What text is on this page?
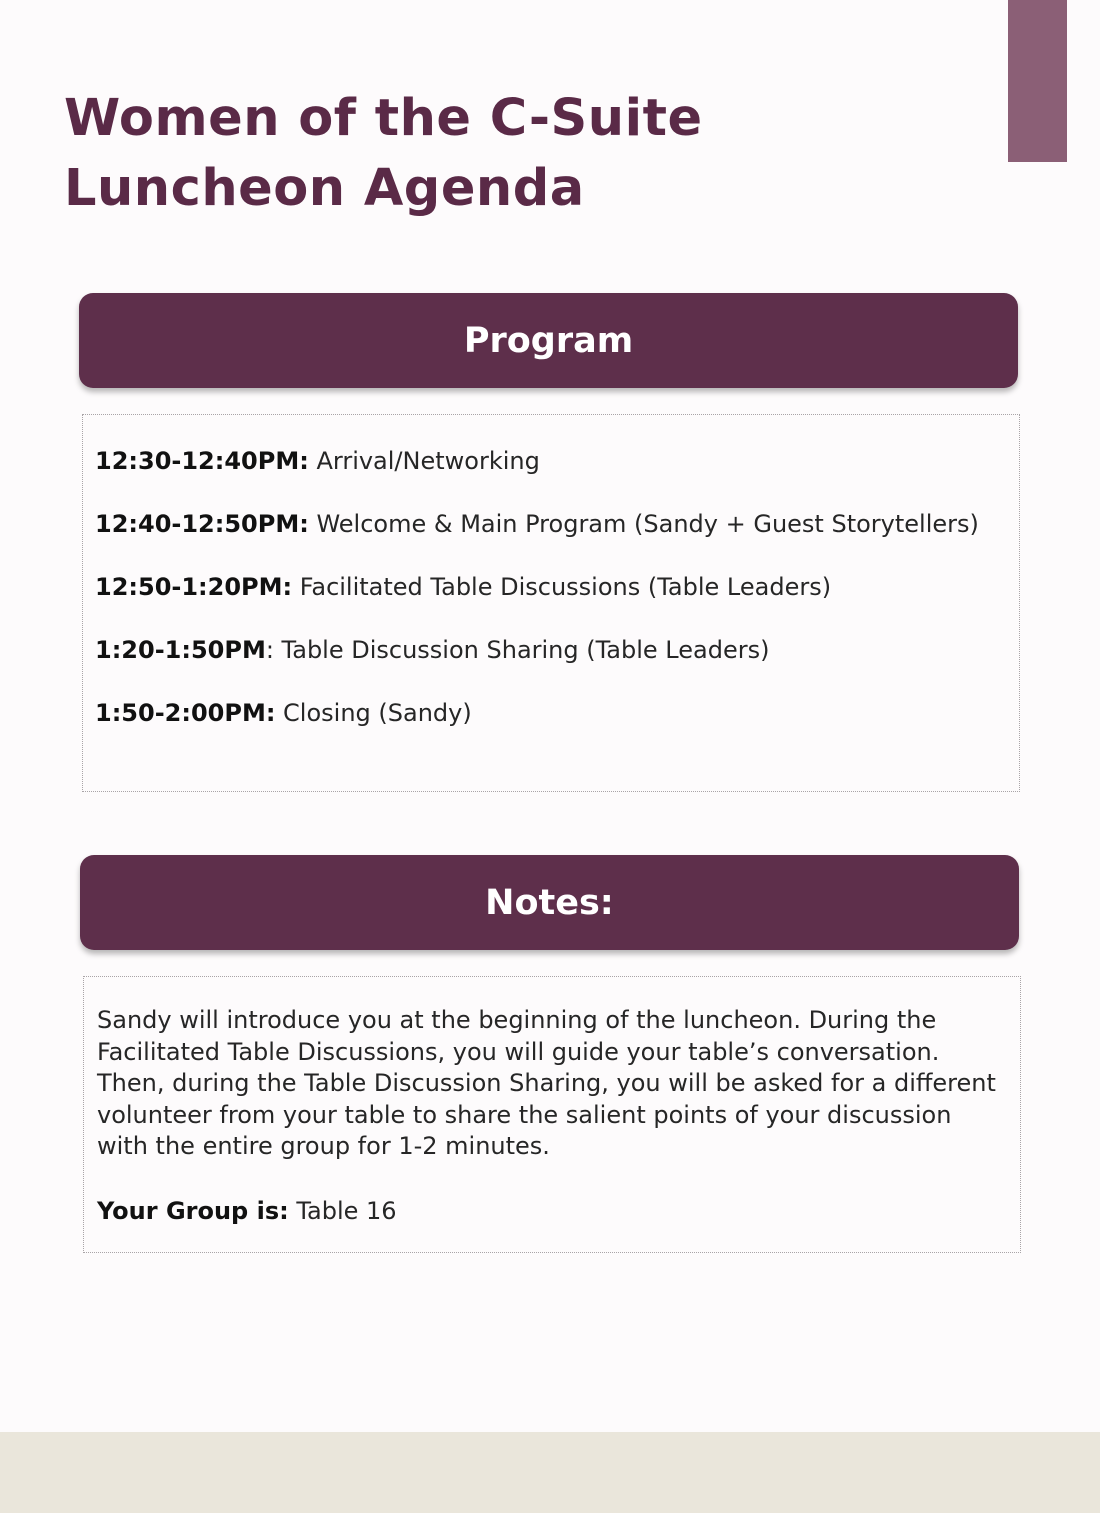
Women of the C-Suite
Luncheon Agenda
Program

12:30-12:40PM: Arrival/Networking

12:40-12:50PM: Welcome & Main Program (Sandy + Guest Storytellers)

12:50-1:20PM: Facilitated Table Discussions (Table Leaders)

1:20-1:50PM: Table Discussion Sharing (Table Leaders)

1:50-2:00PM: Closing (Sandy)

Notes:

Sandy will introduce you at the beginning of the luncheon. During the Facilitated Table Discussions, you will guide your table’s conversation. Then, during the Table Discussion Sharing, you will be asked for a different volunteer from your table to share the salient points of your discussion with the entire group for 1-2 minutes.

Your Group is: Table 16
